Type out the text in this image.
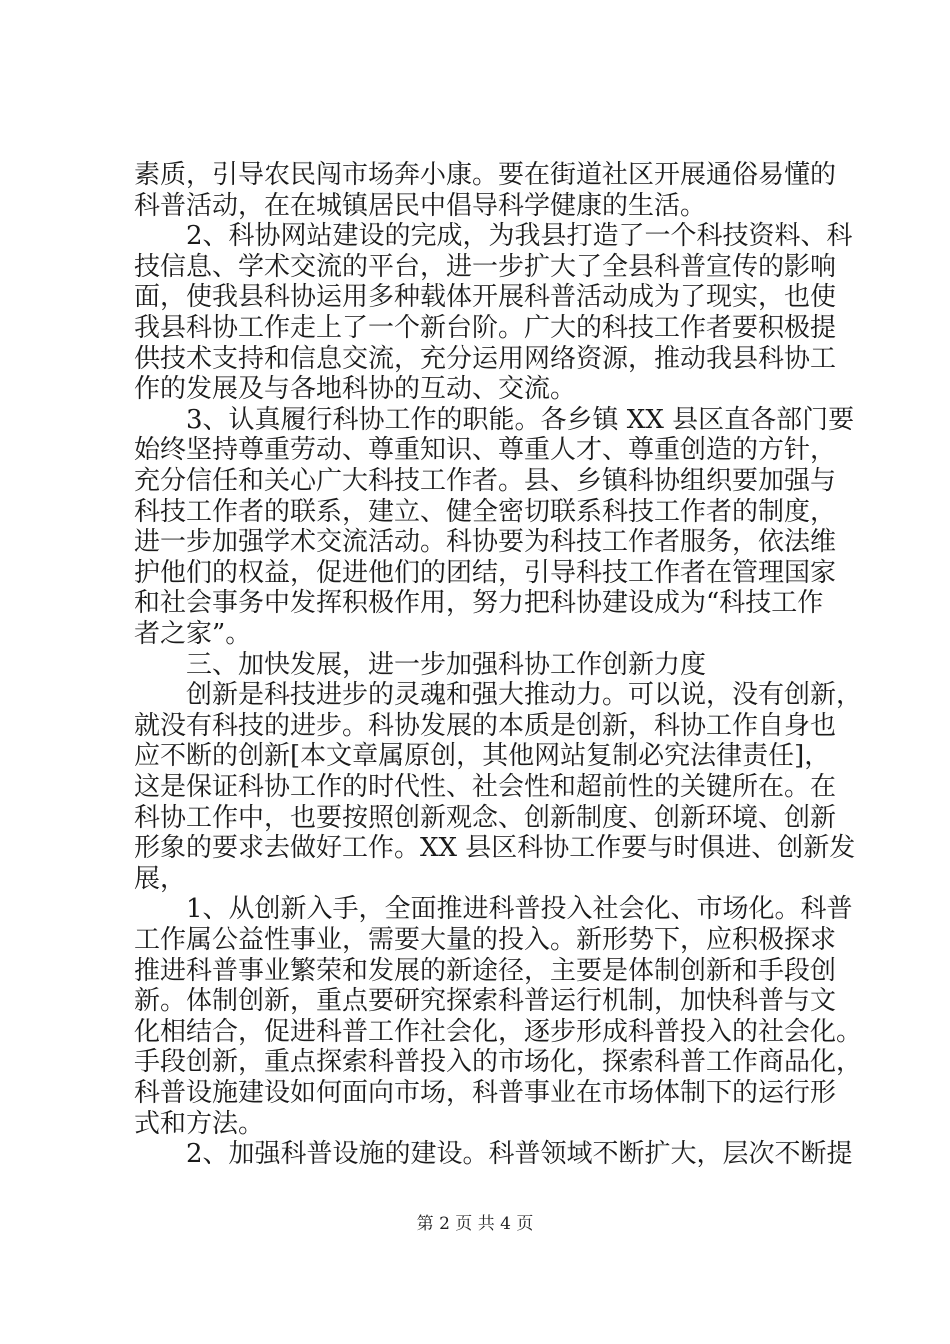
素质，引导农民闯市场奔小康。要在街道社区开展通俗易懂的
科普活动，在在城镇居民中倡导科学健康的生活。
　　2、科协网站建设的完成，为我县打造了一个科技资料、科
技信息、学术交流的平台，进一步扩大了全县科普宣传的影响
面，使我县科协运用多种载体开展科普活动成为了现实，也使
我县科协工作走上了一个新台阶。广大的科技工作者要积极提
供技术支持和信息交流，充分运用网络资源，推动我县科协工
作的发展及与各地科协的互动、交流。
　　3、认真履行科协工作的职能。各乡镇 XX 县区直各部门要
始终坚持尊重劳动、尊重知识、尊重人才、尊重创造的方针，
充分信任和关心广大科技工作者。县、乡镇科协组织要加强与
科技工作者的联系，建立、健全密切联系科技工作者的制度，
进一步加强学术交流活动。科协要为科技工作者服务，依法维
护他们的权益，促进他们的团结，引导科技工作者在管理国家
和社会事务中发挥积极作用，努力把科协建设成为“科技工作
者之家”。
　　三、加快发展，进一步加强科协工作创新力度
　　创新是科技进步的灵魂和强大推动力。可以说，没有创新，
就没有科技的进步。科协发展的本质是创新，科协工作自身也
应不断的创新[本文章属原创，其他网站复制必究法律责任]，
这是保证科协工作的时代性、社会性和超前性的关键所在。在
科协工作中，也要按照创新观念、创新制度、创新环境、创新
形象的要求去做好工作。XX 县区科协工作要与时俱进、创新发
展，
　　1、从创新入手，全面推进科普投入社会化、市场化。科普
工作属公益性事业，需要大量的投入。新形势下，应积极探求
推进科普事业繁荣和发展的新途径，主要是体制创新和手段创
新。体制创新，重点要研究探索科普运行机制，加快科普与文
化相结合，促进科普工作社会化，逐步形成科普投入的社会化。
手段创新，重点探索科普投入的市场化，探索科普工作商品化，
科普设施建设如何面向市场，科普事业在市场体制下的运行形
式和方法。
　　2、加强科普设施的建设。科普领域不断扩大，层次不断提
第 2 页 共 4 页
